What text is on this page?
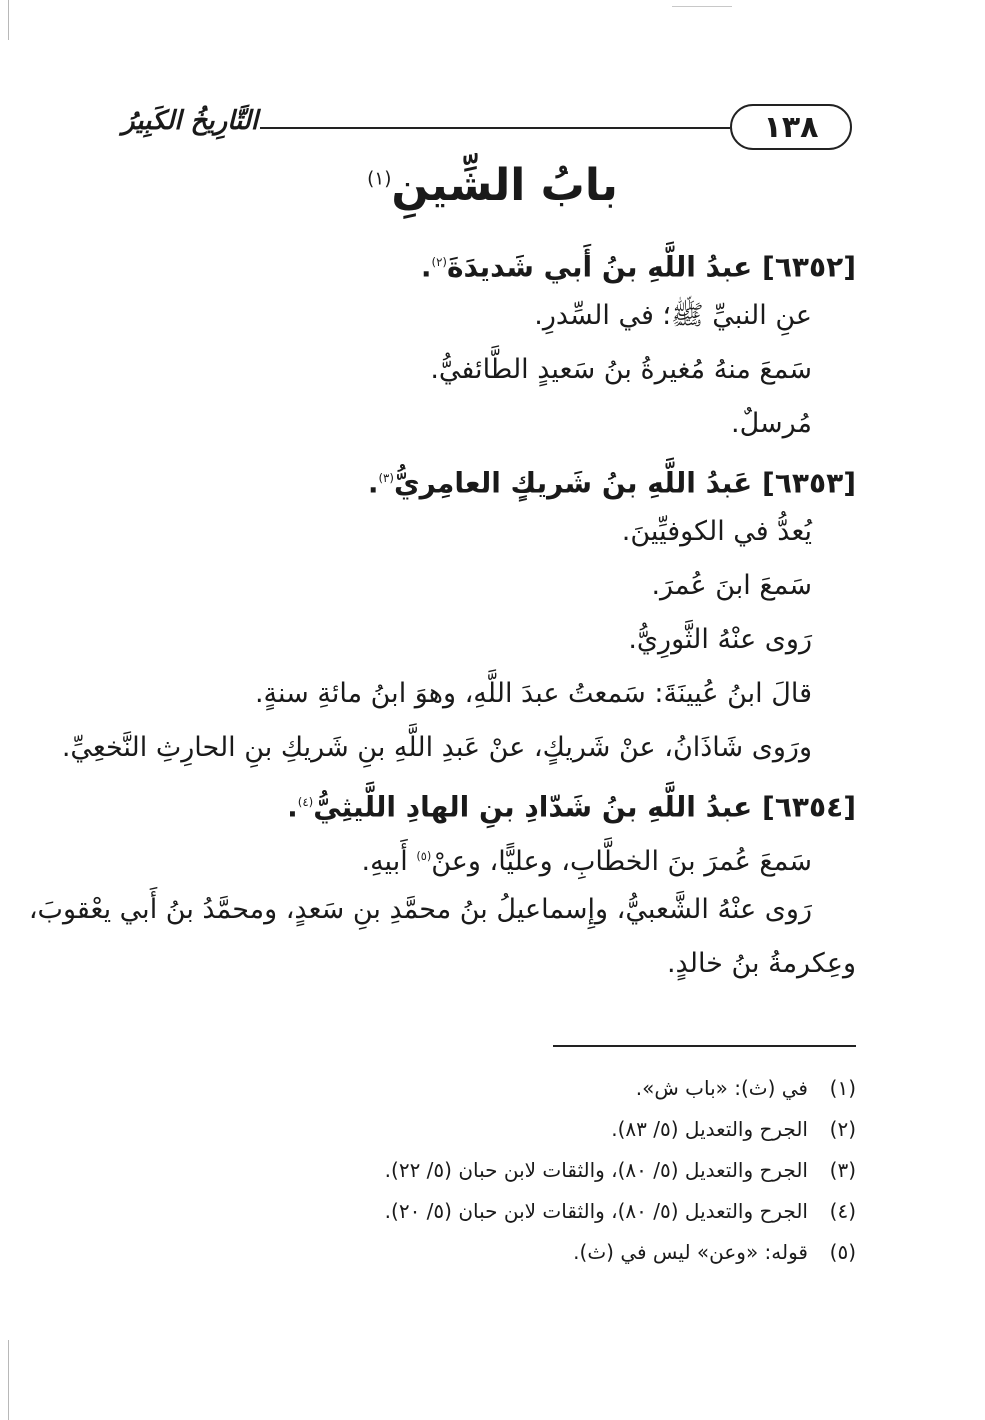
التَّارِيخُ الكَبِيرُ	١٣٨
بابُ الشِّينِ$^{(١)}$
[٦٣٥٢] عبدُ اللَّهِ بنُ أَبي شَديدَةَ$^{(٢)}$.
عنِ النبيِّ ﷺ؛ في السِّدرِ.
سَمعَ منهُ مُغيرةُ بنُ سَعيدٍ الطَّائفيُّ.
مُرسلٌ.
[٦٣٥٣] عَبدُ اللَّهِ بنُ شَريكٍ العامِريُّ$^{(٣)}$.
يُعدُّ في الكوفيِّينَ.
سَمعَ ابنَ عُمرَ.
رَوى عنْهُ الثَّورِيُّ.
قالَ ابنُ عُيينَةَ: سَمعتُ عبدَ اللَّهِ، وهوَ ابنُ مائةِ سنةٍ.
ورَوى شَاذَانُ، عنْ شَريكٍ، عنْ عَبدِ اللَّهِ بنِ شَريكِ بنِ الحارِثِ النَّخعِيِّ.
[٦٣٥٤] عبدُ اللَّهِ بنُ شَدّادِ بنِ الهادِ اللَّيثِيُّ$^{(٤)}$.
سَمعَ عُمرَ بنَ الخطَّابِ، وعليًّا، وعنْ$^{(٥)}$ أَبيهِ.
رَوى عنْهُ الشَّعبيُّ، وإِسماعيلُ بنُ محمَّدِ بنِ سَعدٍ، ومحمَّدُ بنُ أَبي يعْقوبَ،
وعِكرمةُ بنُ خالدٍ.
(١)في (ث): «باب ش».
(٢)الجرح والتعديل (٥/ ٨٣).
(٣)الجرح والتعديل (٥/ ٨٠)، والثقات لابن حبان (٥/ ٢٢).
(٤)الجرح والتعديل (٥/ ٨٠)، والثقات لابن حبان (٥/ ٢٠).
(٥)قوله: «وعن» ليس في (ث).
